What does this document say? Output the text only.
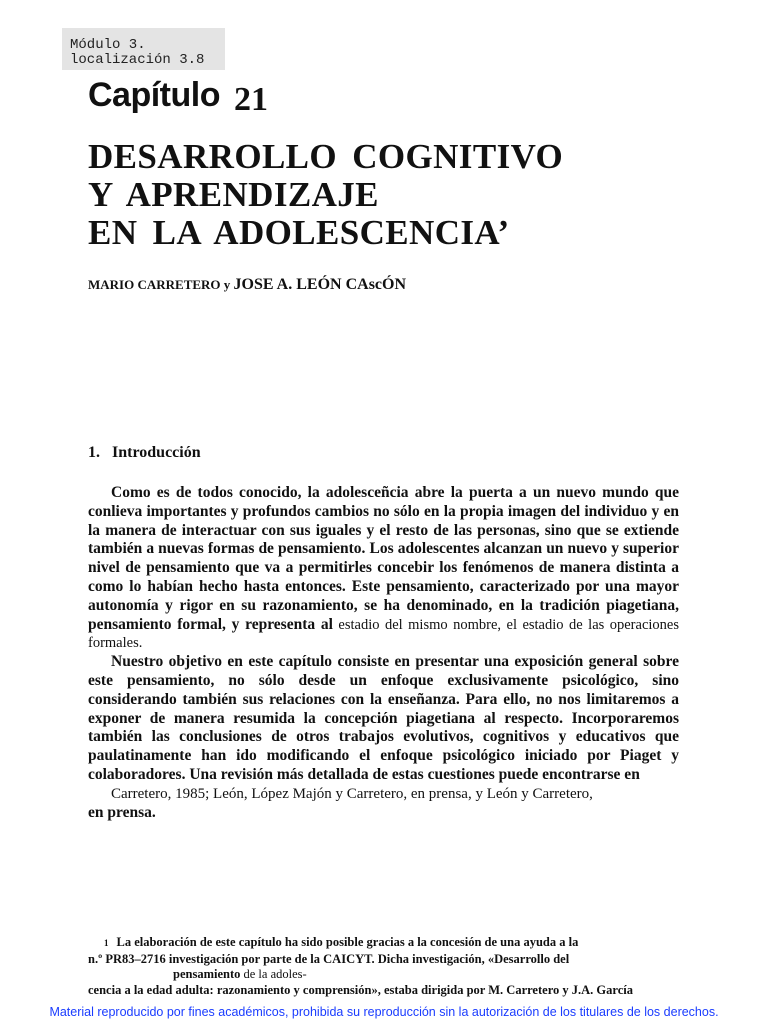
Módulo 3.
localización 3.8
Capítulo 21
DESARROLLO COGNITIVO
Y APRENDIZAJE
EN LA ADOLESCENCIA’
MARIO CARRETERO y JOSE A. LEÓN CAscÓN
1. Introducción

Como es de todos conocido, la adolesceñcia abre la puerta a un nuevo mundo que conlieva importantes y profundos cambios no sólo en la propia imagen del individuo y en la manera de interactuar con sus iguales y el resto de las personas, sino que se extiende también a nuevas formas de pensamiento. Los adolescentes alcanzan un nuevo y superior nivel de pensamiento que va a permitirles concebir los fenómenos de manera distinta a como lo habían hecho hasta entonces. Este pensamiento, caracterizado por una mayor autonomía y rigor en su razonamiento, se ha denominado, en la tradición piagetiana, pensamiento formal, y representa al estadio del mismo nombre, el estadio de las operaciones formales.

Nuestro objetivo en este capítulo consiste en presentar una exposición general sobre este pensamiento, no sólo desde un enfoque exclusivamente psicológico, sino considerando también sus relaciones con la enseñanza. Para ello, no nos limitaremos a exponer de manera resumida la concepción piagetiana al respecto. Incorporaremos también las conclusiones de otros trabajos evolutivos, cognitivos y educativos que paulatinamente han ido modificando el enfoque psicológico iniciado por Piaget y colaboradores. Una revisión más detallada de estas cuestiones puede encontrarse en
Carretero, 1985; León, López Majón y Carretero, en prensa, y León y Carretero,
en prensa.

1 La elaboración de este capítulo ha sido posible gracias a la concesión de una ayuda a la
n.º PR83–2716 investigación por parte de la CAICYT. Dicha investigación, «Desarrollo del
pensamiento de la adoles-
cencia a la edad adulta: razonamiento y comprensión», estaba dirigida por M. Carretero y J.A. García
Material reproducido por fines académicos, prohibida su reproducción sin la autorización de los titulares de los derechos.
